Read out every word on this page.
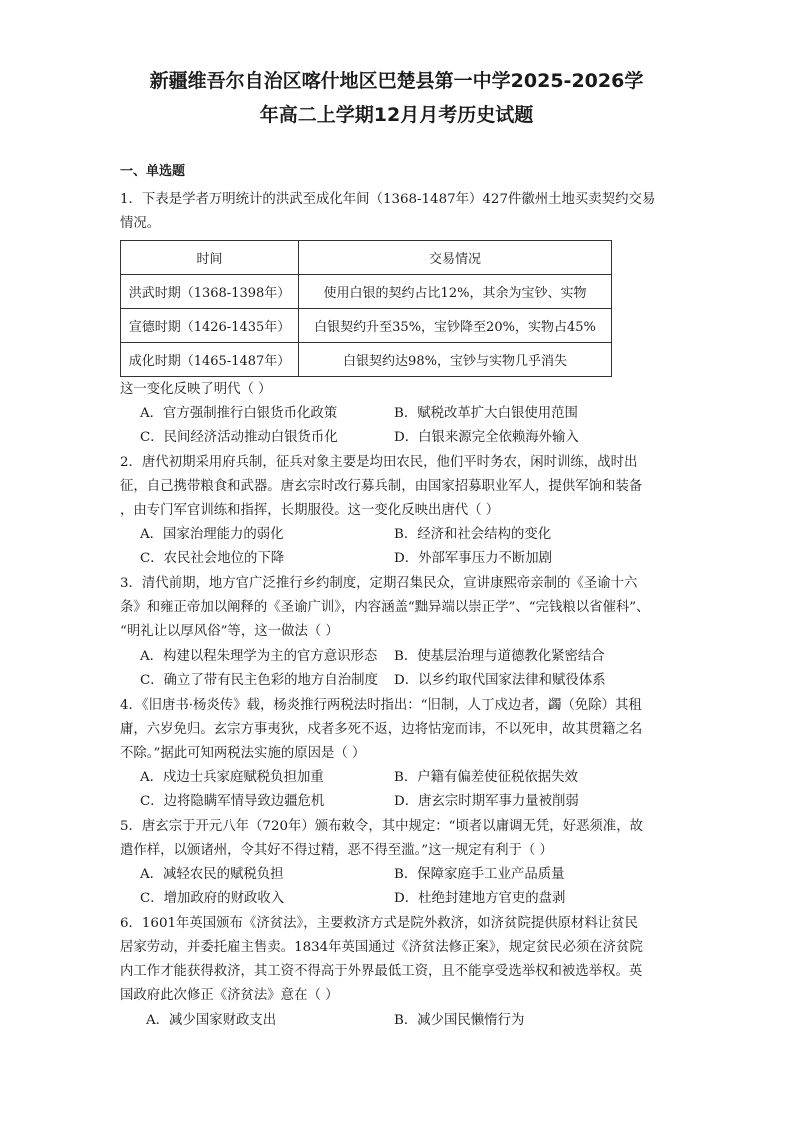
新疆维吾尔自治区喀什地区巴楚县第一中学2025-2026学
年高二上学期12月月考历史试题
一、单选题
1．下表是学者万明统计的洪武至成化年间（1368-1487年）427件徽州土地买卖契约交易
情况。
时间	交易情况
洪武时期（1368-1398年）	使用白银的契约占比12%，其余为宝钞、实物
宣德时期（1426-1435年）	白银契约升至35%，宝钞降至20%，实物占45%
成化时期（1465-1487年）	白银契约达98%，宝钞与实物几乎消失
这一变化反映了明代（ ）
A．官方强制推行白银货币化政策	B．赋税改革扩大白银使用范围
C．民间经济活动推动白银货币化	D．白银来源完全依赖海外输入
2．唐代初期采用府兵制，征兵对象主要是均田农民，他们平时务农，闲时训练，战时出
征，自己携带粮食和武器。唐玄宗时改行募兵制，由国家招募职业军人，提供军饷和装备
，由专门军官训练和指挥，长期服役。这一变化反映出唐代（ ）
A．国家治理能力的弱化	B．经济和社会结构的变化
C．农民社会地位的下降	D．外部军事压力不断加剧
3．清代前期，地方官广泛推行乡约制度，定期召集民众，宣讲康熙帝亲制的《圣谕十六
条》和雍正帝加以阐释的《圣谕广训》，内容涵盖“黜异端以崇正学”、“完钱粮以省催科”、
“明礼让以厚风俗”等，这一做法（ ）
A．构建以程朱理学为主的官方意识形态 B．使基层治理与道德教化紧密结合
C．确立了带有民主色彩的地方自治制度 D．以乡约取代国家法律和赋役体系
4．《旧唐书·杨炎传》载，杨炎推行两税法时指出：“旧制，人丁戍边者，蠲（免除）其租
庸，六岁免归。玄宗方事夷狄，戍者多死不返，边将怙宠而讳，不以死申，故其贯籍之名
不除。”据此可知两税法实施的原因是（ ）
A．戍边士兵家庭赋税负担加重	B．户籍有偏差使征税依据失效
C．边将隐瞒军情导致边疆危机	D．唐玄宗时期军事力量被削弱
5．唐玄宗于开元八年（720年）颁布敕令，其中规定：“顷者以庸调无凭，好恶须准，故
遣作样，以颁诸州，令其好不得过精，恶不得至滥。”这一规定有利于（ ）
A．减轻农民的赋税负担	B．保障家庭手工业产品质量
C．增加政府的财政收入	D．杜绝封建地方官吏的盘剥
6．1601年英国颁布《济贫法》，主要救济方式是院外救济，如济贫院提供原材料让贫民
居家劳动，并委托雇主售卖。1834年英国通过《济贫法修正案》，规定贫民必须在济贫院
内工作才能获得救济，其工资不得高于外界最低工资，且不能享受选举权和被选举权。英
国政府此次修正《济贫法》意在（ ）
A．减少国家财政支出	B．减少国民懒惰行为
